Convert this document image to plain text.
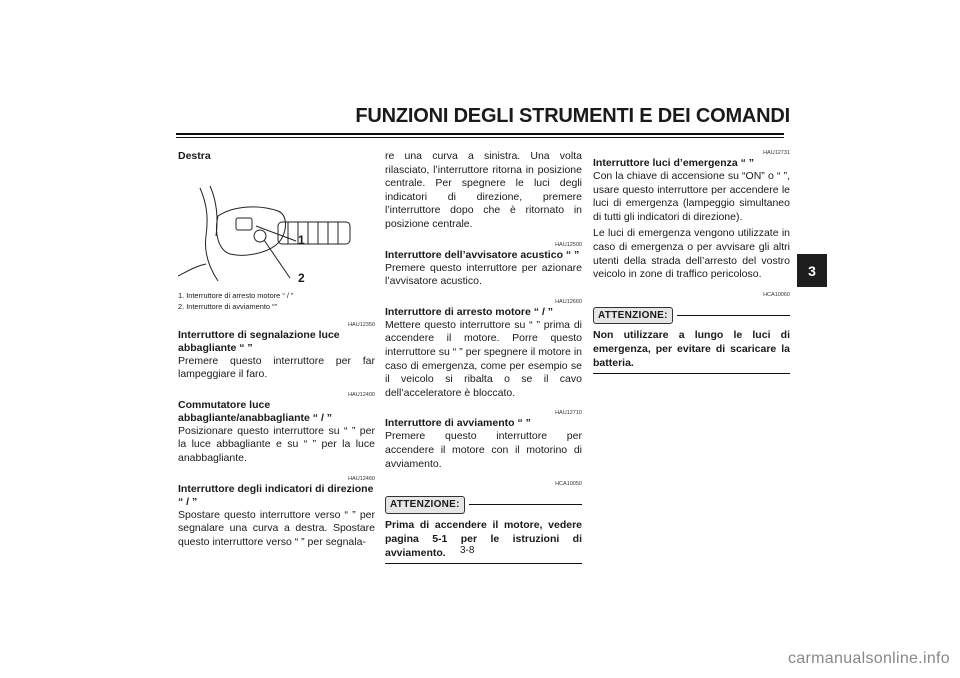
FUNZIONI DEGLI STRUMENTI E DEI COMANDI
3
Destra
1
2

1. Interruttore di arresto motore “ / ”

2. Interruttore di avviamento “”

HAU12350
Interruttore di segnalazione luce abbagliante “ ”

Premere questo interruttore per far lampeggiare il faro.

HAU12400
Commutatore luce abbagliante/anabbagliante “ / ”

Posizionare questo interruttore su “ ” per la luce abbagliante e su “ ” per la luce anabbagliante.

HAU12460
Interruttore degli indicatori di direzione “ / ”

Spostare questo interruttore verso “ ” per segnalare una curva a destra. Spostare questo interruttore verso “ ” per segnala-

re una curva a sinistra. Una volta rilasciato, l’interruttore ritorna in posizione centrale. Per spegnere le luci degli indicatori di direzione, premere l’interruttore dopo che è ritornato in posizione centrale.

HAU12500
Interruttore dell’avvisatore acustico “ ”

Premere questo interruttore per azionare l’avvisatore acustico.

HAU12660
Interruttore di arresto motore “ / ”

Mettere questo interruttore su “ ” prima di accendere il motore. Porre questo interruttore su “ ” per spegnere il motore in caso di emergenza, come per esempio se il veicolo si ribalta o se il cavo dell’acceleratore è bloccato.

HAU12710
Interruttore di avviamento “ ”

Premere questo interruttore per accendere il motore con il motorino di avviamento.

HCA10050
ATTENZIONE:

Prima di accendere il motore, vedere pagina 5-1 per le istruzioni di avviamento.

HAU12731
Interruttore luci d’emergenza “ ”

Con la chiave di accensione su “ON” o “ ”, usare questo interruttore per accendere le luci di emergenza (lampeggio simultaneo di tutti gli indicatori di direzione).

Le luci di emergenza vengono utilizzate in caso di emergenza o per avvisare gli altri utenti della strada dell’arresto del vostro veicolo in zone di traffico pericoloso.

HCA10060
ATTENZIONE:

Non utilizzare a lungo le luci di emergenza, per evitare di scaricare la batteria.

3-8
carmanualsonline.info
